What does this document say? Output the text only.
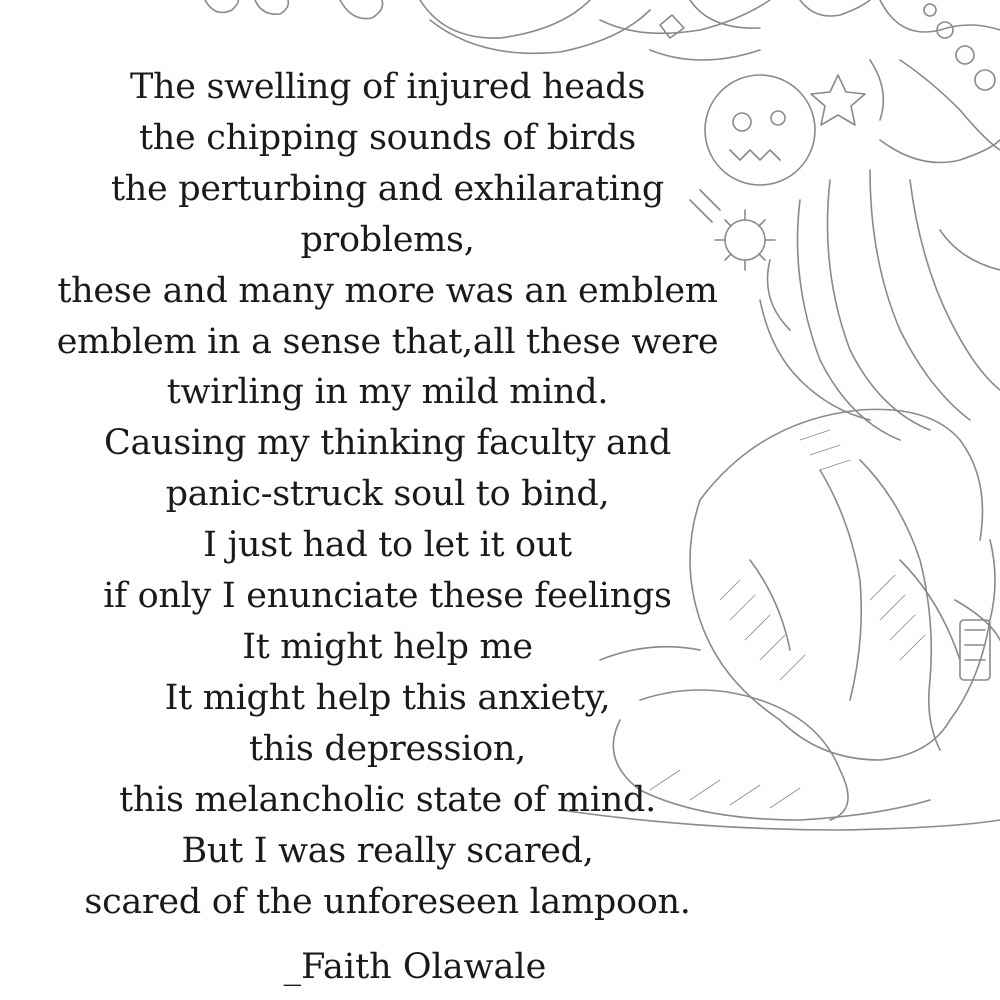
The swelling of injured heads
the chipping sounds of birds
the perturbing and exhilarating
problems,
these and many more was an emblem
emblem in a sense that,all these were
twirling in my mild mind.
Causing my thinking faculty and
panic-struck soul to bind,
I just had to let it out
if only I enunciate these feelings
It might help me
It might help this anxiety,
this depression,
this melancholic state of mind.
But I was really scared,
scared of the unforeseen lampoon.
_Faith Olawale
